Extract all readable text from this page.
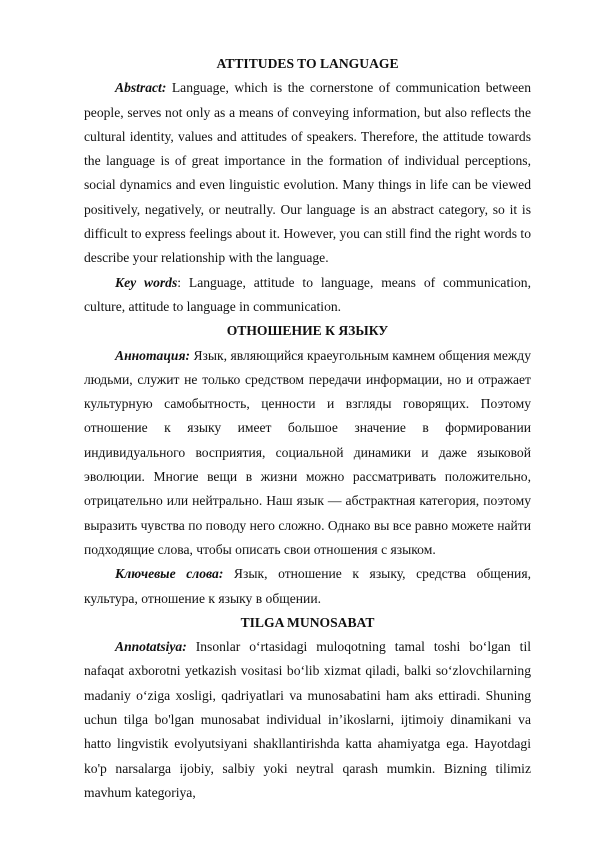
ATTITUDES TO LANGUAGE

Abstract: Language, which is the cornerstone of communication between people, serves not only as a means of conveying information, but also reflects the cultural identity, values and attitudes of speakers. Therefore, the attitude towards the language is of great importance in the formation of individual perceptions, social dynamics and even linguistic evolution. Many things in life can be viewed positively, negatively, or neutrally. Our language is an abstract category, so it is difficult to express feelings about it. However, you can still find the right words to describe your relationship with the language.

Key words: Language, attitude to language, means of communication, culture, attitude to language in communication.

ОТНОШЕНИЕ К ЯЗЫКУ

Аннотация: Язык, являющийся краеугольным камнем общения между людьми, служит не только средством передачи информации, но и отражает культурную самобытность, ценности и взгляды говорящих. Поэтому отношение к языку имеет большое значение в формировании индивидуального восприятия, социальной динамики и даже языковой эволюции. Многие вещи в жизни можно рассматривать положительно, отрицательно или нейтрально. Наш язык — абстрактная категория, поэтому выразить чувства по поводу него сложно. Однако вы все равно можете найти подходящие слова, чтобы описать свои отношения с языком.

Ключевые слова: Язык, отношение к языку, средства общения, культура, отношение к языку в общении.

TILGA MUNOSABAT

Annotatsiya: Insonlar oʻrtasidagi muloqotning tamal toshi boʻlgan til nafaqat axborotni yetkazish vositasi boʻlib xizmat qiladi, balki soʻzlovchilarning madaniy oʻziga xosligi, qadriyatlari va munosabatini ham aks ettiradi. Shuning uchun tilga bo'lgan munosabat individual in’ikoslarni, ijtimoiy dinamikani va hatto lingvistik evolyutsiyani shakllantirishda katta ahamiyatga ega. Hayotdagi ko'p narsalarga ijobiy, salbiy yoki neytral qarash mumkin. Bizning tilimiz mavhum kategoriya,
